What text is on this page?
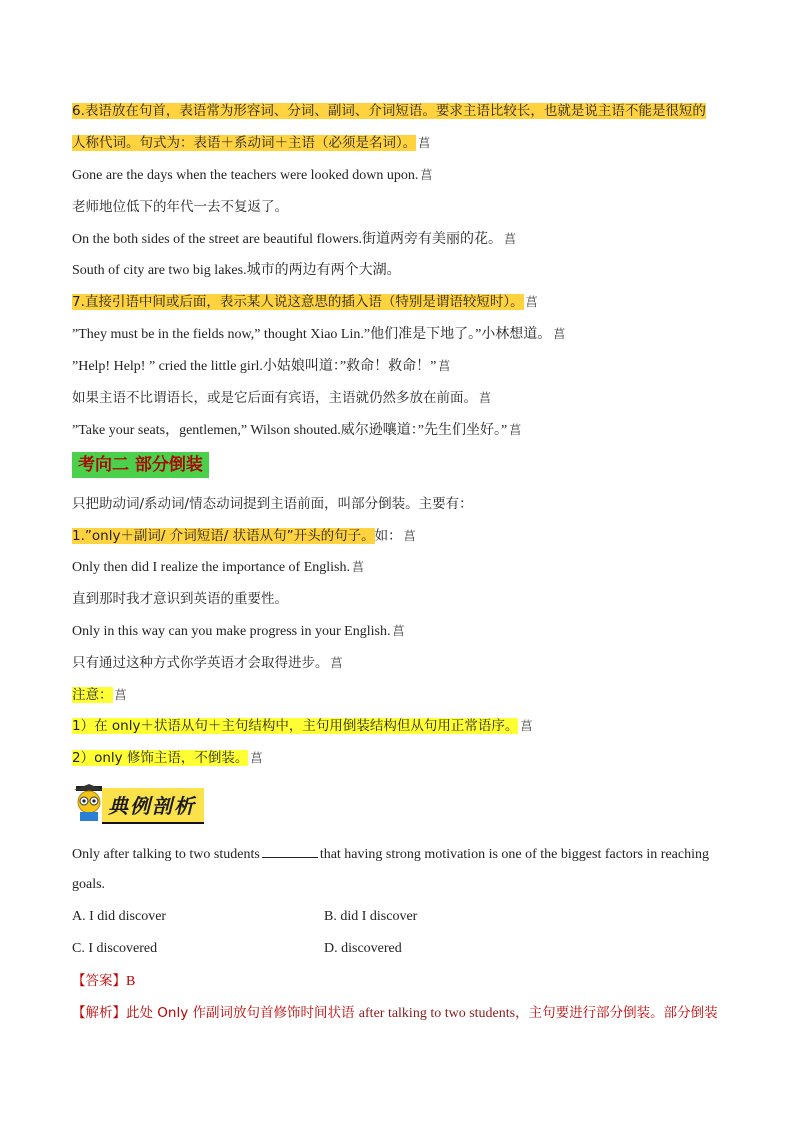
6.表语放在句首，表语常为形容词、分词、副词、介词短语。要求主语比较长，也就是说主语不能是很短的
人称代词。句式为：表语＋系动词＋主语（必须是名词）。 菖
Gone are the days when the teachers were looked down upon. 菖
老师地位低下的年代一去不复返了。
On the both sides of the street are beautiful flowers.街道两旁有美丽的花。 菖
South of city are two big lakes.城市的两边有两个大湖。
7.直接引语中间或后面，表示某人说这意思的插入语（特别是谓语较短时）。 菖
”They must be in the fields now,” thought Xiao Lin.”他们准是下地了。”小林想道。 菖
”Help! Help! ” cried the little girl.小姑娘叫道：”救命！救命！” 菖
如果主语不比谓语长，或是它后面有宾语，主语就仍然多放在前面。 菖
”Take your seats，gentlemen,” Wilson shouted.威尔逊嚷道：”先生们坐好。” 菖
考向二 部分倒装
只把助动词/系动词/情态动词提到主语前面，叫部分倒装。主要有：
1.”only＋副词/ 介词短语/ 状语从句”开头的句子。如： 菖
Only then did I realize the importance of English. 菖
直到那时我才意识到英语的重要性。
Only in this way can you make progress in your English. 菖
只有通过这种方式你学英语才会取得进步。 菖
注意： 菖
1）在 only＋状语从句＋主句结构中，主句用倒装结构但从句用正常语序。 菖
2）only 修饰主语，不倒装。 菖
典例剖析
Only after talking to two students	that having strong motivation is one of the biggest factors in reaching
goals.
A. I did discover	B. did I discover
C. I discovered	D. discovered
【答案】B
【解析】此处 Only 作副词放句首修饰时间状语 after talking to two students，主句要进行部分倒装。部分倒装
